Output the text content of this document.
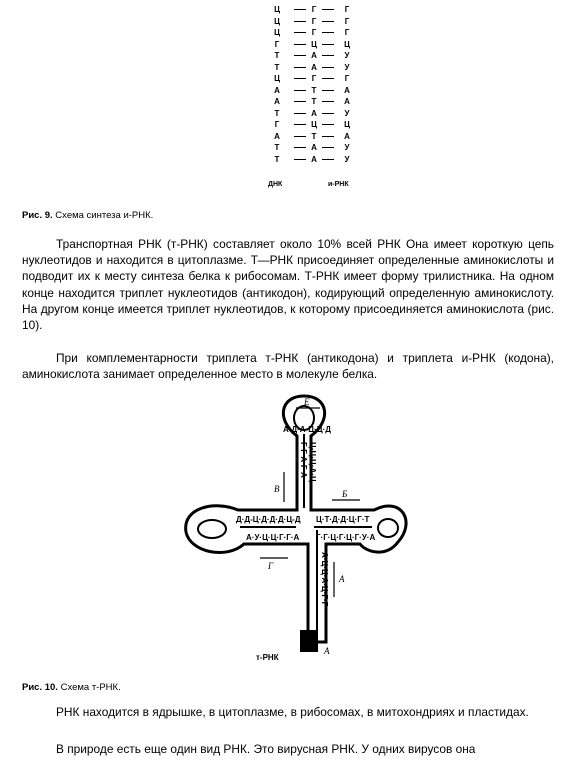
Ц
Ц
Ц
Г
Т
Т
Ц
А
А
Т
Г
А
Т
Т
Г
Г
Г
Ц
А
А
Г
Т
Т
А
Ц
Т
А
А
Г
Г
Г
Ц
У
У
Г
А
А
У
Ц
А
У
У
ДНК	и-РНК
Рис. 9. Схема синтеза и-РНК.

Транспортная РНК (т-РНК) составляет около 10% всей РНК Она имеет короткую цепь нуклеотидов и находится в цитоплазме. Т—РНК присоединяет определенные аминокислоты и подводит их к месту синтеза белка к рибосомам. Т-РНК имеет форму трилистника. На одном конце находится триплет нуклеотидов (антикодон), кодирующий определенную аминокислоту. На другом конце имеется триплет нуклеотидов, к которому присоединяется аминокислота (рис. 10).

При комплементарности триплета т-РНК (антикодона) и триплета и-РНК (кодона), аминокислота занимает определенное место в молекуле белка.

Д·Д-Ц·Д·Д·Д·Ц-Д
А·У·Ц·Ц·Г·Г·А
Ц·Т·Д·Д·Ц·Г·Т
Г·Г·Ц·Г·Ц·Г·У·А
А·Д·А·Ц·Ц·Д
Г·Г·А·Г·А Ц·Ц·Ц·А·Ц
А·Ц·Ц·А·Ц·Г·Г
Е
В	Б
Г
А
А
т-РНК
Рис. 10. Схема т-РНК.

РНК находится в ядрышке, в цитоплазме, в рибосомах, в митохондриях и пластидах.

В природе есть еще один вид РНК. Это вирусная РНК. У одних вирусов она
